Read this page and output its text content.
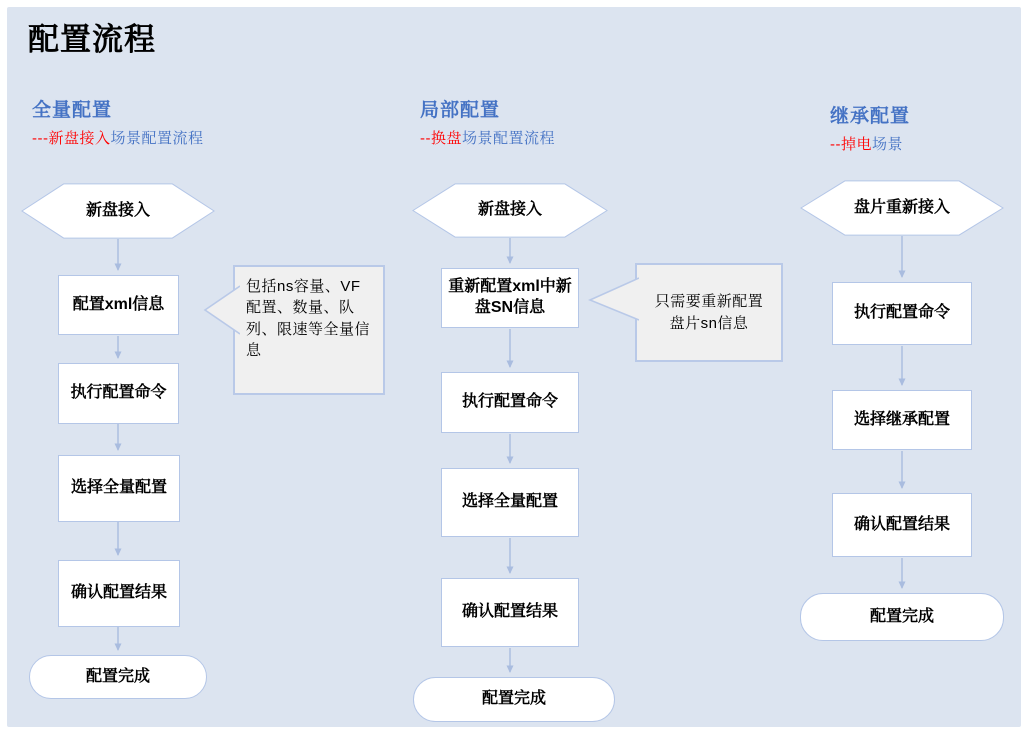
配置流程
全量配置
---新盘接入场景配置流程
局部配置
--换盘场景配置流程
继承配置
--掉电场景
新盘接入
配置xml信息
执行配置命令
选择全量配置
确认配置结果
配置完成
包括ns容量、VF配置、数量、队列、限速等全量信息
新盘接入
重新配置xml中新盘SN信息
执行配置命令
选择全量配置
确认配置结果
配置完成
只需要重新配置盘片sn信息
盘片重新接入
执行配置命令
选择继承配置
确认配置结果
配置完成
